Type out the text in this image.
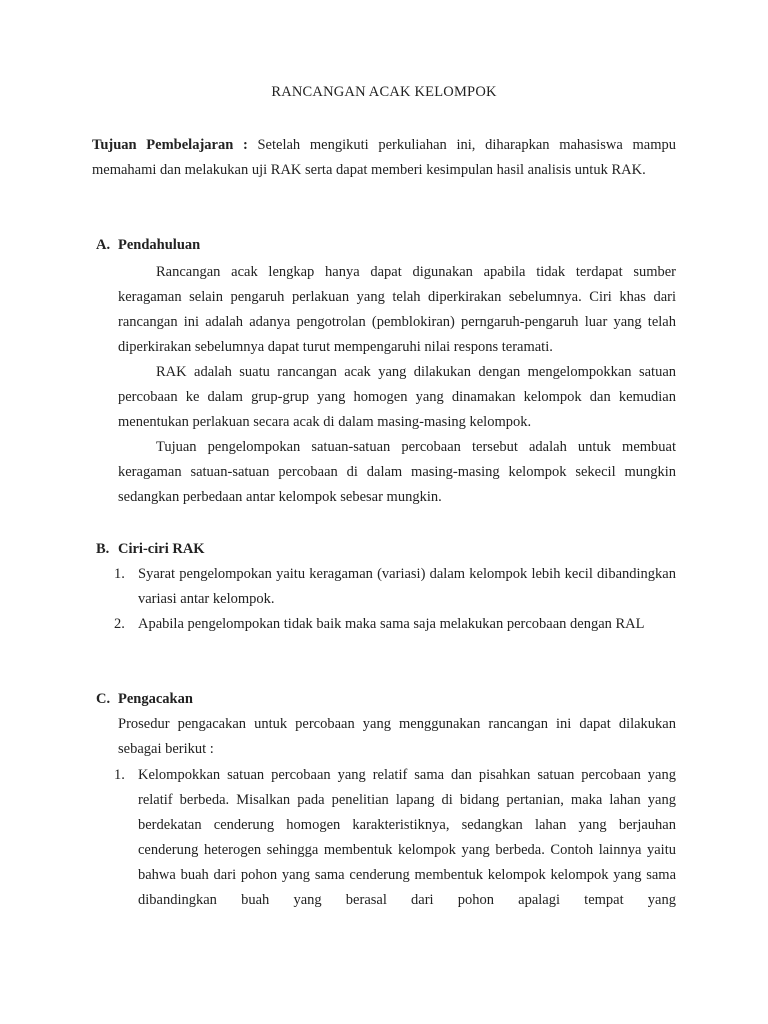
RANCANGAN ACAK KELOMPOK

Tujuan Pembelajaran : Setelah mengikuti perkuliahan ini, diharapkan mahasiswa mampu memahami dan melakukan uji RAK serta dapat memberi kesimpulan hasil analisis untuk RAK.

A. Pendahuluan

Rancangan acak lengkap hanya dapat digunakan apabila tidak terdapat sumber keragaman selain pengaruh perlakuan yang telah diperkirakan sebelumnya. Ciri khas dari rancangan ini adalah adanya pengotrolan (pemblokiran) perngaruh-pengaruh luar yang telah diperkirakan sebelumnya dapat turut mempengaruhi nilai respons teramati.

RAK adalah suatu rancangan acak yang dilakukan dengan mengelompokkan satuan percobaan ke dalam grup-grup yang homogen yang dinamakan kelompok dan kemudian menentukan perlakuan secara acak di dalam masing-masing kelompok.

Tujuan pengelompokan satuan-satuan percobaan tersebut adalah untuk membuat keragaman satuan-satuan percobaan di dalam masing-masing kelompok sekecil mungkin sedangkan perbedaan antar kelompok sebesar mungkin.

B. Ciri-ciri RAK

1. Syarat pengelompokan yaitu keragaman (variasi) dalam kelompok lebih kecil dibandingkan variasi antar kelompok.

2. Apabila pengelompokan tidak baik maka sama saja melakukan percobaan dengan RAL

C. Pengacakan

Prosedur pengacakan untuk percobaan yang menggunakan rancangan ini dapat dilakukan sebagai berikut :

1. Kelompokkan satuan percobaan yang relatif sama dan pisahkan satuan percobaan yang relatif berbeda. Misalkan pada penelitian lapang di bidang pertanian, maka lahan yang berdekatan cenderung homogen karakteristiknya, sedangkan lahan yang berjauhan cenderung heterogen sehingga membentuk kelompok yang berbeda. Contoh lainnya yaitu bahwa buah dari pohon yang sama cenderung membentuk kelompok kelompok yang sama dibandingkan buah yang berasal dari pohon apalagi tempat yang
